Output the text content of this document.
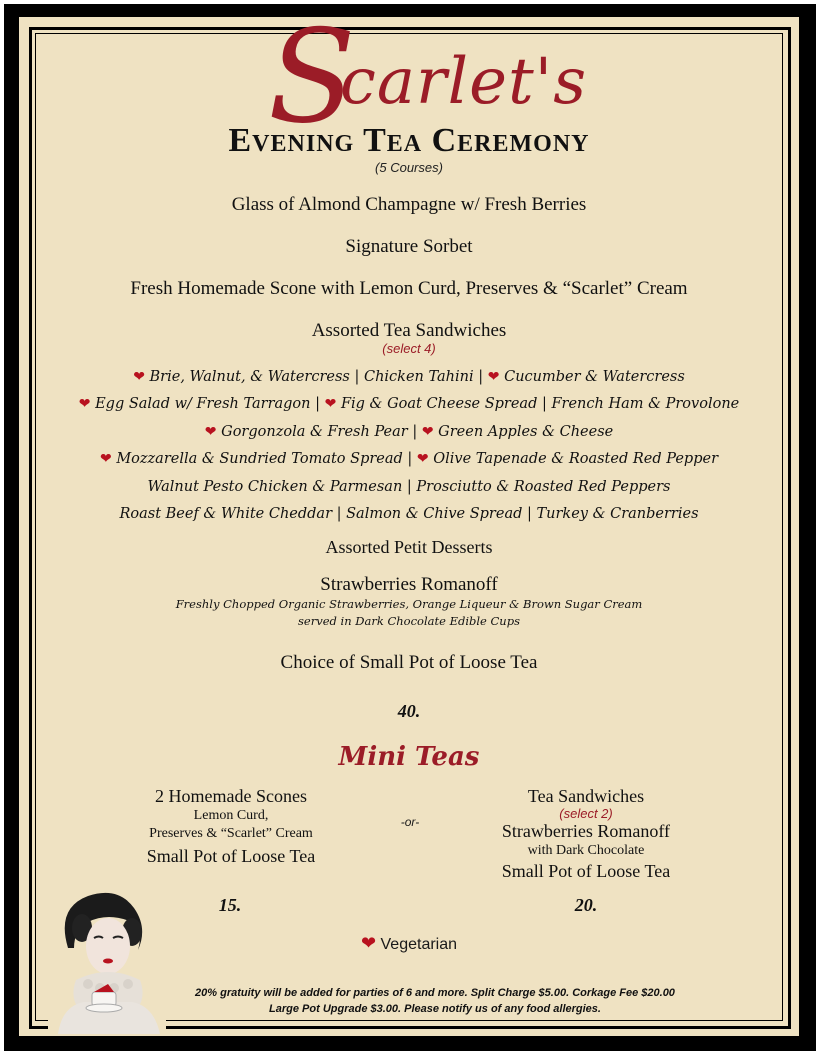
S
carlet's
Evening Tea Ceremony
(5 Courses)
Glass of Almond Champagne w/ Fresh Berries
Signature Sorbet
Fresh Homemade Scone with Lemon Curd, Preserves & “Scarlet” Cream
Assorted Tea Sandwiches
(select 4)
❤ Brie, Walnut, & Watercress | Chicken Tahini | ❤ Cucumber & Watercress
❤ Egg Salad w/ Fresh Tarragon | ❤ Fig & Goat Cheese Spread | French Ham & Provolone
❤ Gorgonzola & Fresh Pear | ❤ Green Apples & Cheese
❤ Mozzarella & Sundried Tomato Spread | ❤ Olive Tapenade & Roasted Red Pepper
Walnut Pesto Chicken & Parmesan | Prosciutto & Roasted Red Peppers
Roast Beef & White Cheddar | Salmon & Chive Spread | Turkey & Cranberries
Assorted Petit Desserts
Strawberries Romanoff
Freshly Chopped Organic Strawberries, Orange Liqueur & Brown Sugar Cream
served in Dark Chocolate Edible Cups
Choice of Small Pot of Loose Tea
40.
Mini Teas
2 Homemade Scones
Lemon Curd,
Preserves & “Scarlet” Cream
Small Pot of Loose Tea
-or-
Tea Sandwiches
(select 2)
Strawberries Romanoff
with Dark Chocolate
Small Pot of Loose Tea
15.	20.
❤ Vegetarian
20% gratuity will be added for parties of 6 and more. Split Charge $5.00. Corkage Fee $20.00
Large Pot Upgrade $3.00. Please notify us of any food allergies.
